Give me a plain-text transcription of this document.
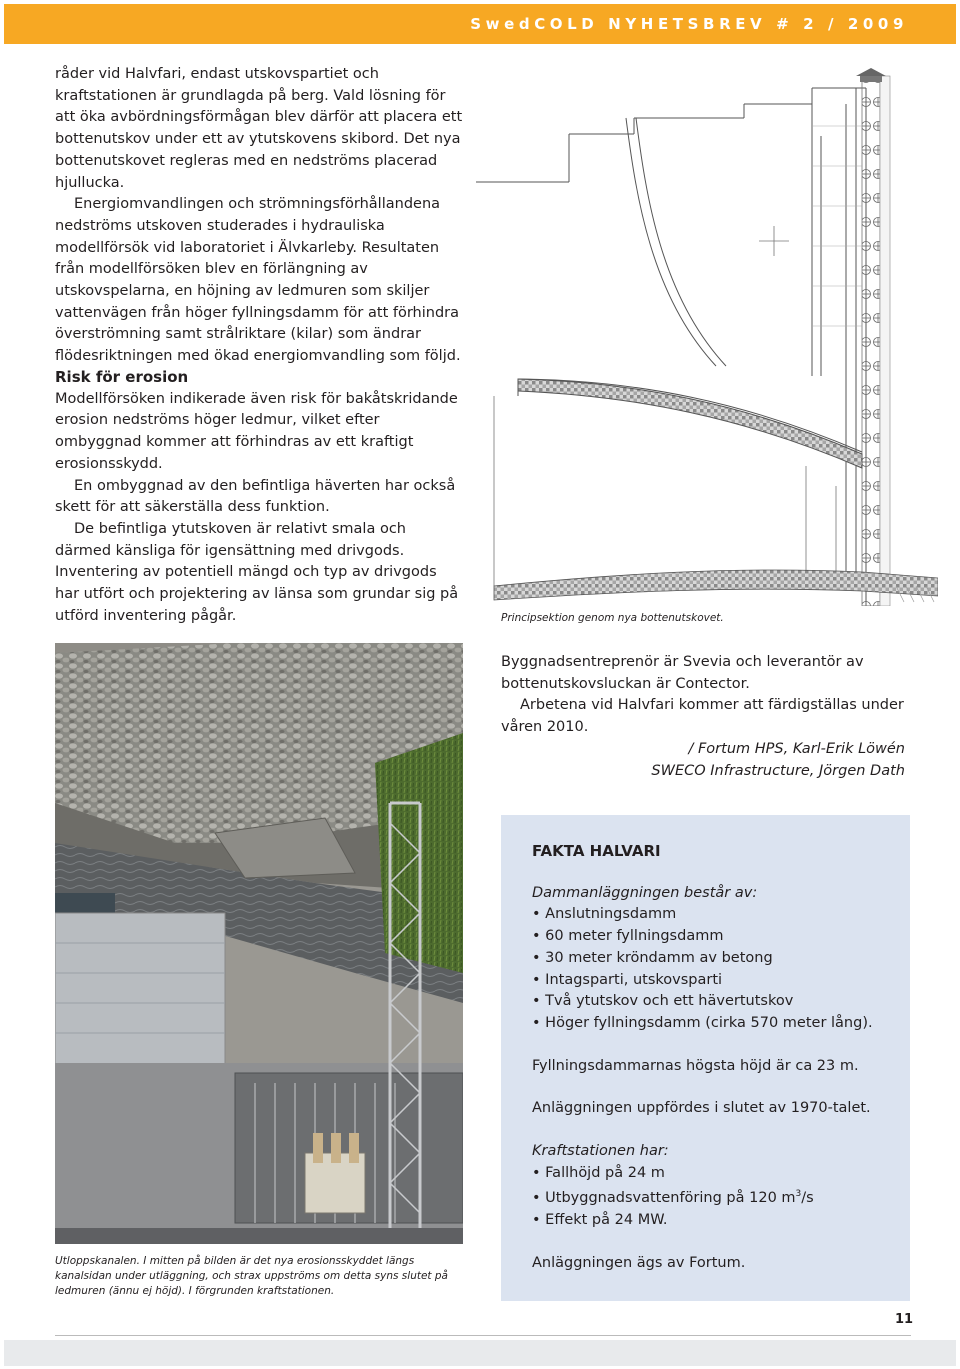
SwedCOLD NYHETSBREV # 2 / 2009

råder vid Halvfari, endast utskovspartiet och kraftstationen är grundlagda på berg. Vald lösning för att öka avbördningsförmågan blev därför att placera ett bottenutskov under ett av ytutskovens skibord. Det nya bottenutskovet regleras med en nedströms placerad hjullucka.

Energiomvandlingen och strömningsförhållandena nedströms utskoven studerades i hydrauliska modellförsök vid laboratoriet i Älvkarleby. Resultaten från modellförsöken blev en förlängning av utskovspelarna, en höjning av ledmuren som skiljer vattenvägen från höger fyllningsdamm för att förhindra överströmning samt strålriktare (kilar) som ändrar flödesriktningen med ökad energiomvandling som följd.

Risk för erosion

Modellförsöken indikerade även risk för bakåtskridande erosion nedströms höger ledmur, vilket efter ombyggnad kommer att förhindras av ett kraftigt erosionsskydd.

En ombyggnad av den befintliga häverten har också skett för att säkerställa dess funktion.

De befintliga ytutskoven är relativt smala och därmed känsliga för igensättning med drivgods. Inventering av potentiell mängd och typ av drivgods har utfört och projektering av länsa som grundar sig på utförd inventering pågår.	Principsektion genom nya bottenutskovet.
Utloppskanalen. I mitten på bilden är det nya erosionsskyddet längs kanalsidan under utläggning, och strax uppströms om detta syns slutet på ledmuren (ännu ej höjd). I förgrunden kraftstationen.

Byggnadsentreprenör är Svevia och leverantör av bottenutskovsluckan är Contector.

Arbetena vid Halvfari kommer att färdigställas under våren 2010.

/ Fortum HPS, Karl-Erik Löwén

SWECO Infrastructure, Jörgen Dath

FAKTA HALVARI

Dammanläggningen består av:

• Anslutningsdamm

• 60 meter fyllningsdamm

• 30 meter kröndamm av betong

• Intagsparti, utskovsparti

• Två ytutskov och ett hävertutskov

• Höger fyllningsdamm (cirka 570 meter lång).

Fyllningsdammarnas högsta höjd är ca 23 m.

Anläggningen uppfördes i slutet av 1970-talet.

Kraftstationen har:

• Fallhöjd på 24 m

• Utbyggnadsvattenföring på 120 $m^3/s$

• Effekt på 24 MW.

Anläggningen ägs av Fortum.

11
